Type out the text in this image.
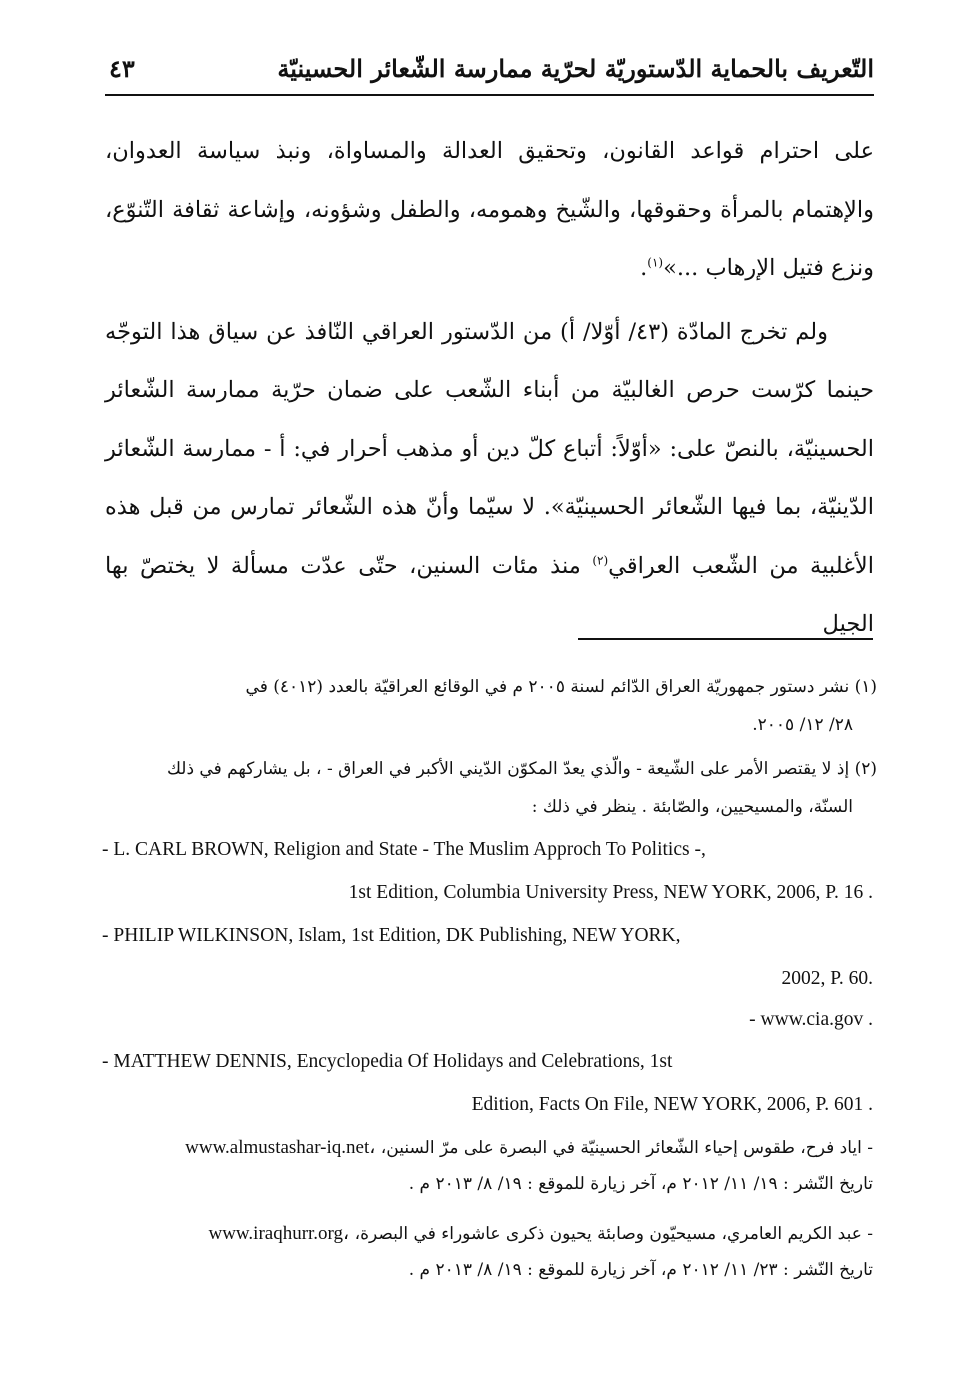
التّعريف بالحماية الدّستوريّة لحرّية ممارسة الشّعائر الحسينيّة
٤٣

على احترام قواعد القانون، وتحقيق العدالة والمساواة، ونبذ سياسة العدوان، والإهتمام بالمرأة وحقوقها، والشّيخ وهمومه، والطفل وشؤونه، وإشاعة ثقافة التّنوّع، ونزع فتيل الإرهاب ...»$^{(١)}$.

ولم تخرج المادّة (٤٣/ أوّلا/ أ) من الدّستور العراقي النّافذ عن سياق هذا التوجّه حينما كرّست حرص الغالبيّة من أبناء الشّعب على ضمان حرّية ممارسة الشّعائر الحسينيّة، بالنصّ على: «أوّلاً: أتباع كلّ دين أو مذهب أحرار في: أ - ممارسة الشّعائر الدّينيّة، بما فيها الشّعائر الحسينيّة». لا سيّما وأنّ هذه الشّعائر تمارس من قبل هذه الأغلبية من الشّعب العراقي$^{(٢)}$ منذ مئات السنين، حتّى عدّت مسألة لا يختصّ بها الجيل

(١) نشر دستور جمهوريّة العراق الدّائم لسنة ٢٠٠٥ م في الوقائع العراقيّة بالعدد (٤٠١٢) في
٢٨/ ١٢/ ٢٠٠٥.
(٢) إذ لا يقتصر الأمر على الشّيعة - والّذي يعدّ المكوّن الدّيني الأكبر في العراق - ، بل يشاركهم في ذلك
السنّة، والمسيحيين، والصّابئة . ينظر في ذلك :
- L. CARL BROWN, Religion and State - The Muslim Approch To Politics -,
1st Edition, Columbia University Press, NEW YORK, 2006, P. 16 .
- PHILIP WILKINSON, Islam, 1st Edition, DK Publishing, NEW YORK,
2002, P. 60.
- www.cia.gov .
- MATTHEW DENNIS, Encyclopedia Of Holidays and Celebrations, 1st
Edition, Facts On File, NEW YORK, 2006, P. 601 .
- اياد فرح، طقوس إحياء الشّعائر الحسينيّة في البصرة على مرّ السنين، www.almustashar-iq.net،
تاريخ النّشر : ١٩/ ١١/ ٢٠١٢ م، آخر زيارة للموقع : ١٩/ ٨/ ٢٠١٣ م .
- عبد الكريم العامري، مسيحيّون وصابئة يحيون ذكرى عاشوراء في البصرة، www.iraqhurr.org،
تاريخ النّشر : ٢٣/ ١١/ ٢٠١٢ م، آخر زيارة للموقع : ١٩/ ٨/ ٢٠١٣ م .
